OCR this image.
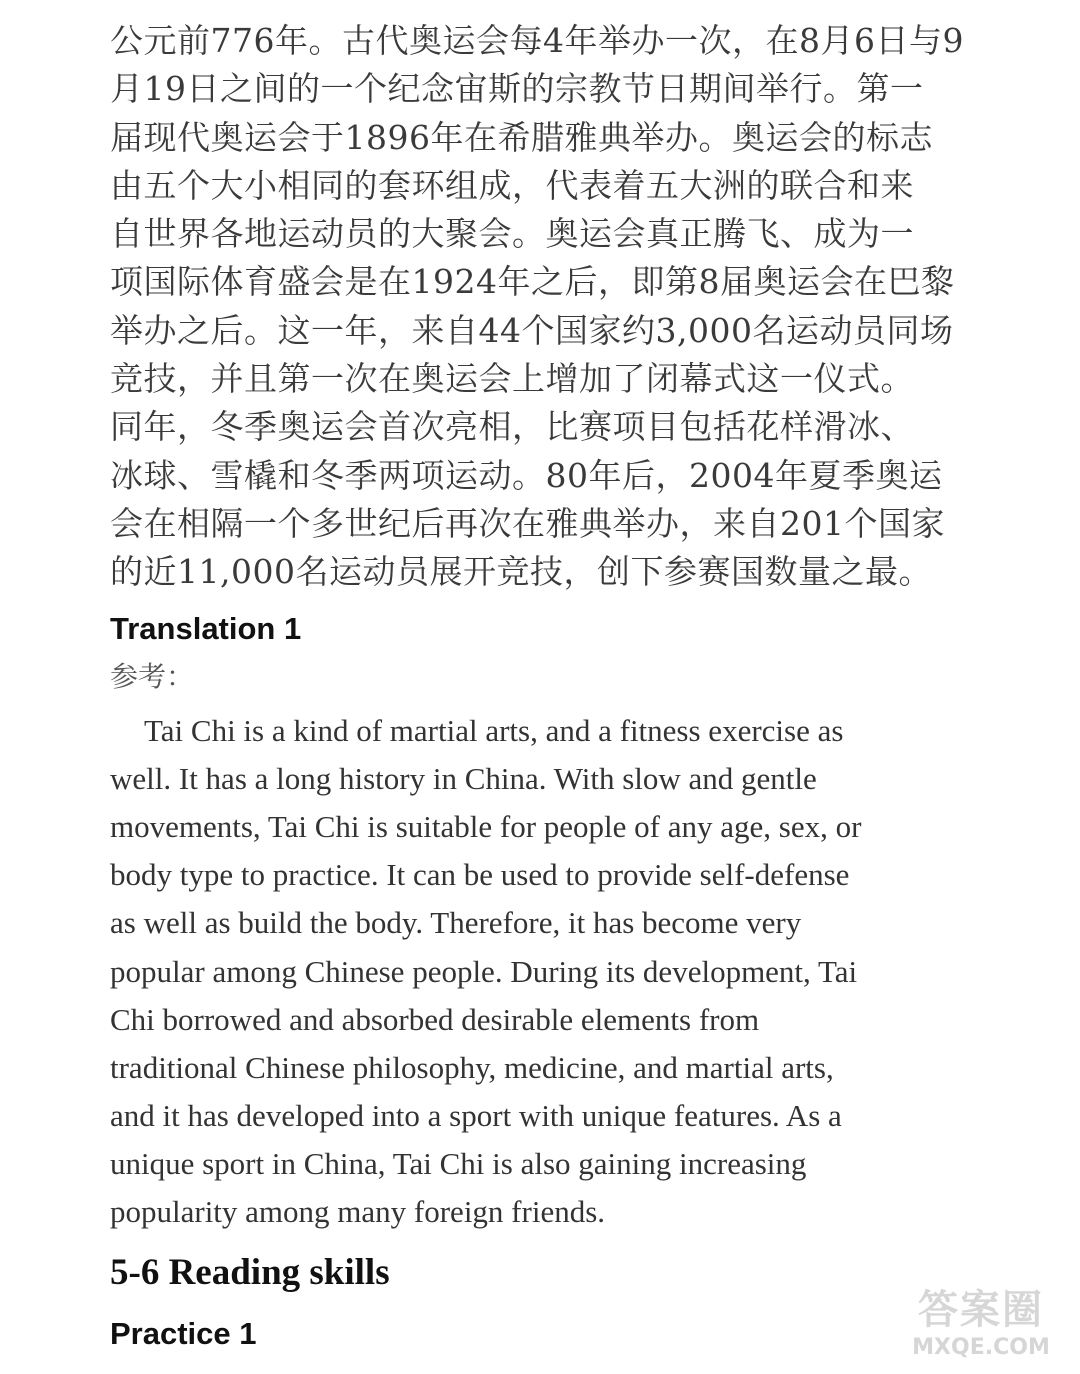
公元前776年。古代奥运会每4年举办一次，在8月6日与9
月19日之间的一个纪念宙斯的宗教节日期间举行。第一
届现代奥运会于1896年在希腊雅典举办。奥运会的标志
由五个大小相同的套环组成，代表着五大洲的联合和来
自世界各地运动员的大聚会。奥运会真正腾飞、成为一
项国际体育盛会是在1924年之后，即第8届奥运会在巴黎
举办之后。这一年，来自44个国家约3,000名运动员同场
竞技，并且第一次在奥运会上增加了闭幕式这一仪式。
同年，冬季奥运会首次亮相，比赛项目包括花样滑冰、
冰球、雪橇和冬季两项运动。80年后，2004年夏季奥运
会在相隔一个多世纪后再次在雅典举办，来自201个国家
的近11,000名运动员展开竞技，创下参赛国数量之最。
Translation 1
参考：
Tai Chi is a kind of martial arts, and a fitness exercise as
well. It has a long history in China. With slow and gentle
movements, Tai Chi is suitable for people of any age, sex, or
body type to practice. It can be used to provide self-defense
as well as build the body. Therefore, it has become very
popular among Chinese people. During its development, Tai
Chi borrowed and absorbed desirable elements from
traditional Chinese philosophy, medicine, and martial arts,
and it has developed into a sport with unique features. As a
unique sport in China, Tai Chi is also gaining increasing
popularity among many foreign friends.
5-6 Reading skills
Practice 1
答案圈
MXQE.COM
